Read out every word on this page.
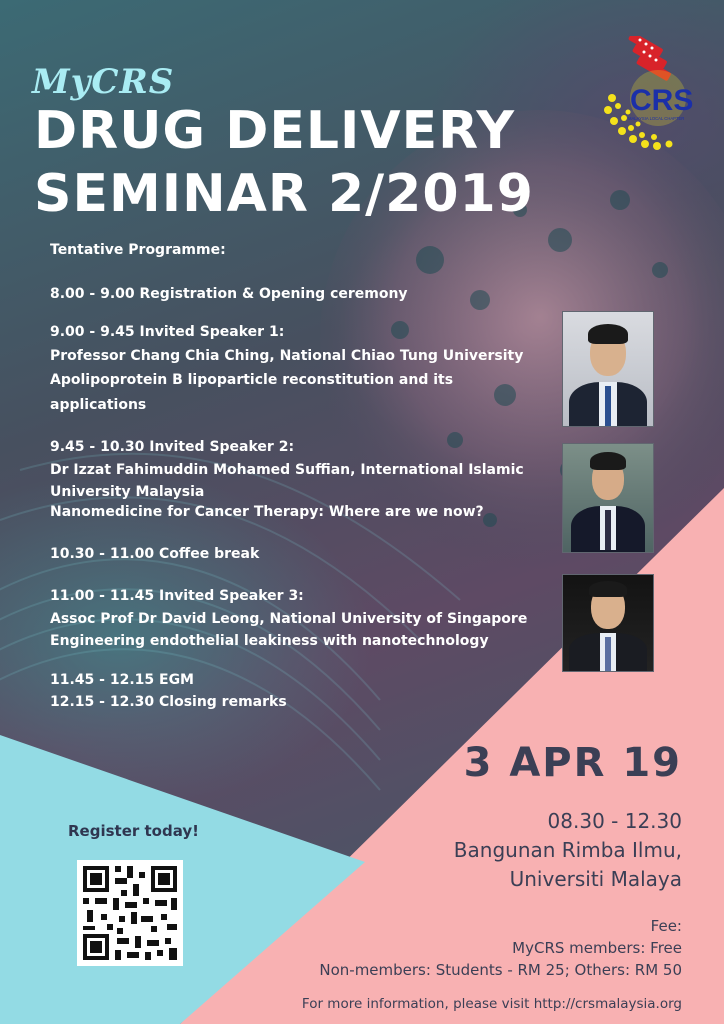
CRS
MALAYSIA LOCAL CHAPTER
MyCRS
DRUG DELIVERY
SEMINAR 2/2019
Tentative Programme:
8.00 - 9.00 Registration & Opening ceremony
9.00 - 9.45 Invited Speaker 1:
Professor Chang Chia Ching, National Chiao Tung University
Apolipoprotein B lipoparticle reconstitution and its
applications
9.45 - 10.30 Invited Speaker 2:
Dr Izzat Fahimuddin Mohamed Suffian, International Islamic
University Malaysia
Nanomedicine for Cancer Therapy: Where are we now?
10.30 - 11.00 Coffee break
11.00 - 11.45 Invited Speaker 3:
Assoc Prof Dr David Leong, National University of Singapore
Engineering endothelial leakiness with nanotechnology
11.45 - 12.15 EGM
12.15 - 12.30 Closing remarks
3 APR 19
08.30 - 12.30
Bangunan Rimba Ilmu,
Universiti Malaya
Fee:
MyCRS members: Free
Non-members: Students - RM 25; Others: RM 50
For more information, please visit http://crsmalaysia.org
Register today!
